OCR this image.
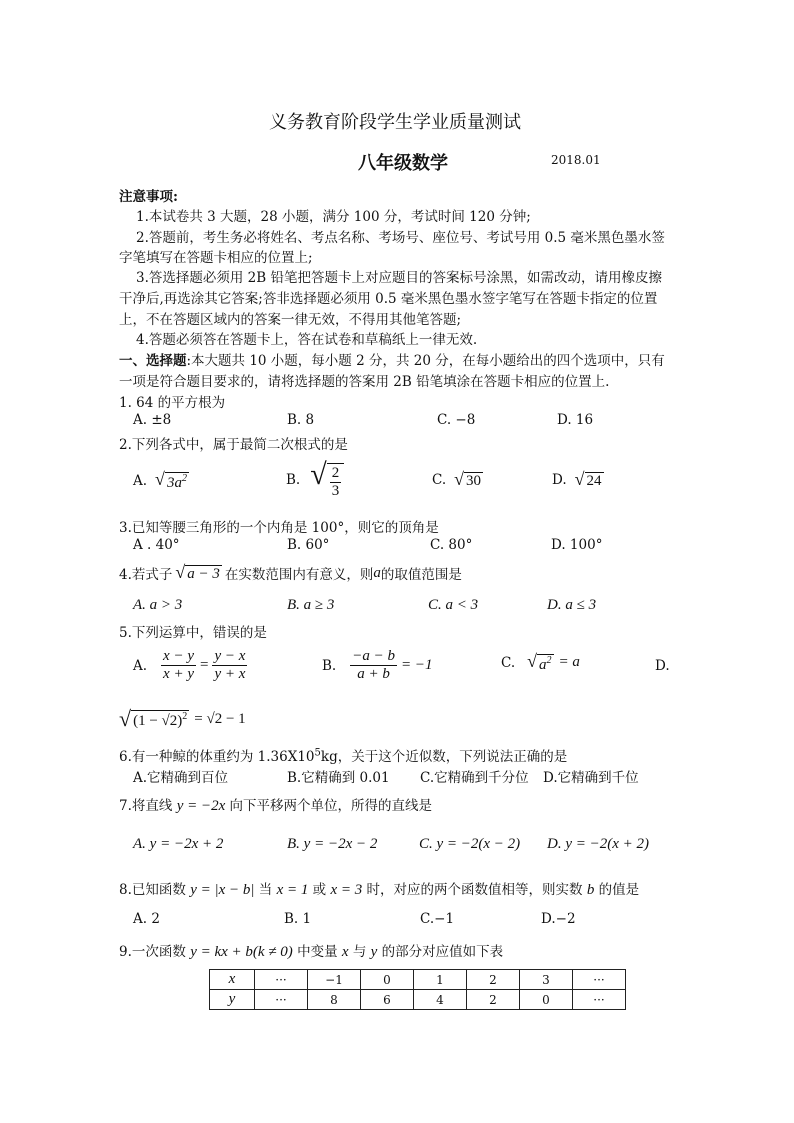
义务教育阶段学生学业质量测试
八年级数学	2018.01
注意事项:
1.本试卷共 3 大题，28 小题，满分 100 分，考试时间 120 分钟;
2.答题前，考生务必将姓名、考点名称、考场号、座位号、考试号用 0.5 毫米黑色墨水签
字笔填写在答题卡相应的位置上;
3.答选择题必须用 2B 铅笔把答题卡上对应题目的答案标号涂黑，如需改动，请用橡皮擦
干净后,再选涂其它答案;答非选择题必须用 0.5 毫米黑色墨水签字笔写在答题卡指定的位置
上，不在答题区域内的答案一律无效，不得用其他笔答题;
4.答题必须答在答题卡上，答在试卷和草稿纸上一律无效.
一、选择题:本大题共 10 小题，每小题 2 分，共 20 分，在每小题给出的四个选项中，只有
一项是符合题目要求的，请将选择题的答案用 2B 铅笔填涂在答题卡相应的位置上.
1. 64 的平方根为
A. ±8	B. 8	C. −8	D. 16
2.下列各式中，属于最简二次根式的是
A. √ $3a^2$	B. √ $\frac{2}{3}$	C. √ 30	D. √ 24
3.已知等腰三角形的一个内角是 100°，则它的顶角是
A . 40°	B. 60°	C. 80°	D. 100°
4.若式子 √ a − 3 在实数范围内有意义，则 a 的取值范围是
A. a > 3	B. a ≥ 3	C. a < 3	D. a ≤ 3
5.下列运算中，错误的是
A. $\frac{x - y}{x + y} = \frac{y - x}{y + x}$	B. $\frac{-a - b}{a + b} = -1$	C. √ $a^2 = a$	D.
√ $(1 - √2)^2 = √2 - 1$
6.有一种鲸的体重约为 $1.36X10^5kg$，关于这个近似数，下列说法正确的是
A.它精确到百位	B.它精确到 0.01 C.它精确到千分位 D.它精确到千位
7.将直线 y = −2x 向下平移两个单位，所得的直线是
A. y = −2x + 2	B. y = −2x − 2	C. y = −2(x − 2) D. y = −2(x + 2)
8.已知函数 y = |x − b| 当 x = 1 或 x = 3 时，对应的两个函数值相等，则实数 b 的值是
A. 2	B. 1	C.−1	D.−2
9.一次函数 y = kx + b(k ≠ 0) 中变量 x 与 y 的部分对应值如下表
x	···	−1	0	1	2	3	···
y	···	8	6	4	2	0	···
